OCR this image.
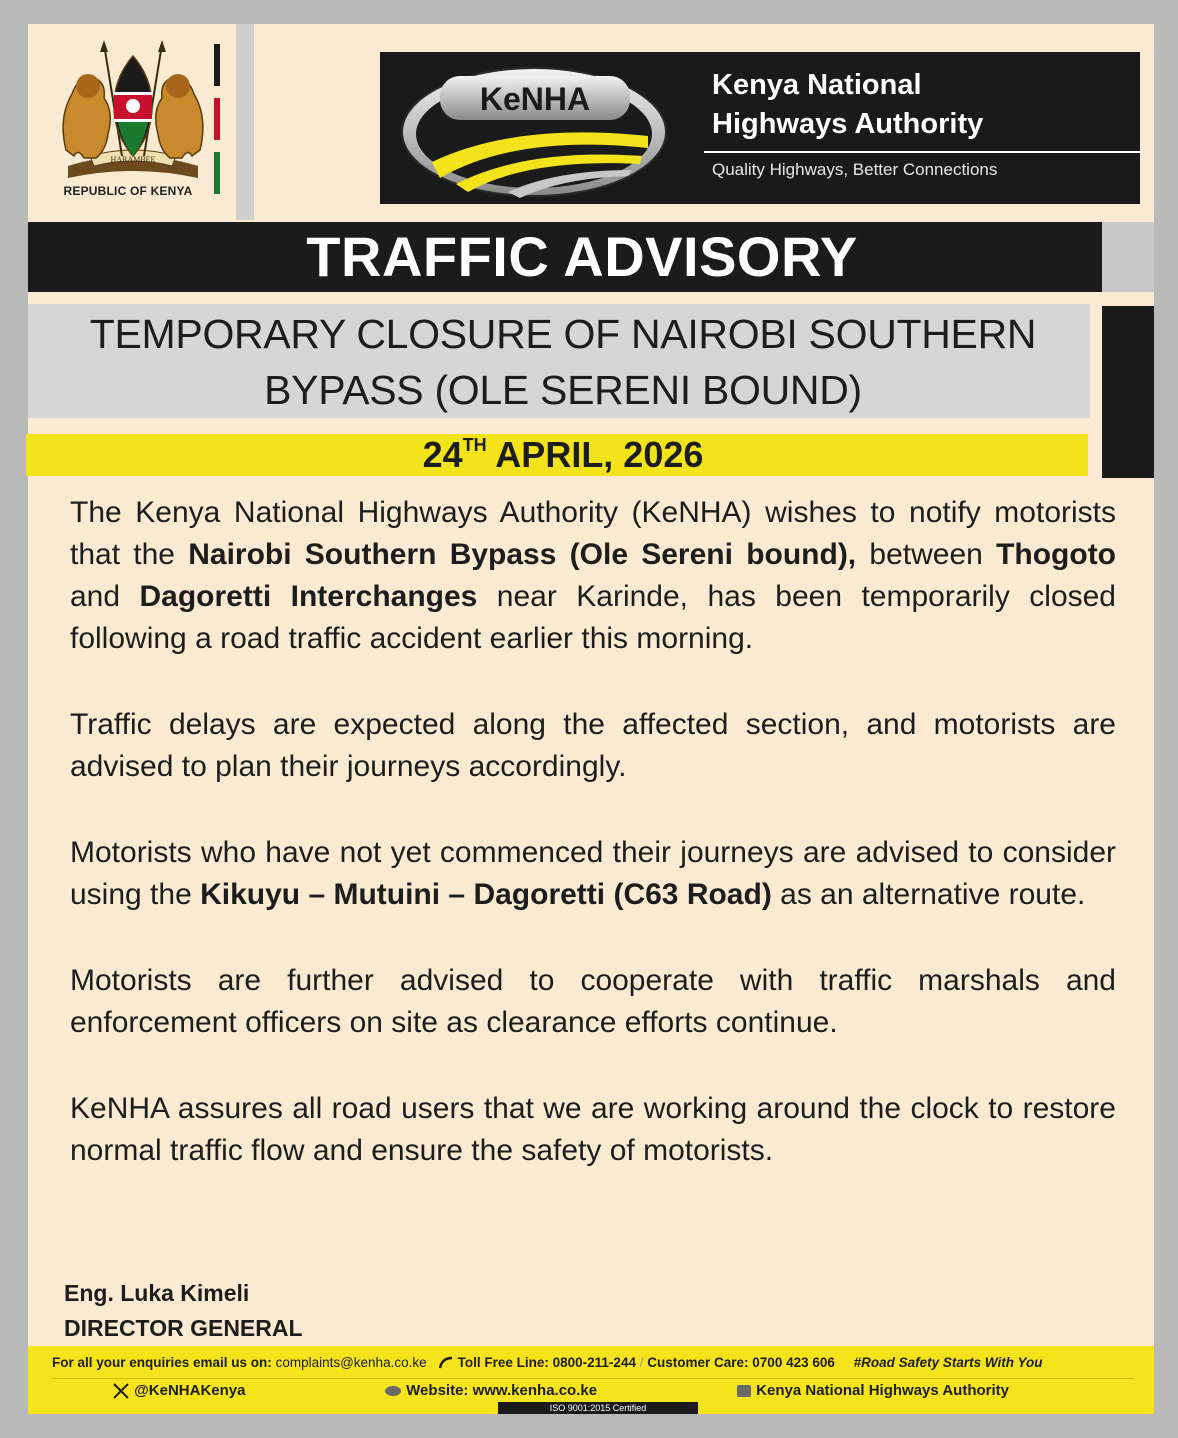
HARAMBEE
REPUBLIC OF KENYA
KeNHA	Kenya National
Highways Authority
Quality Highways, Better Connections
TRAFFIC ADVISORY
TEMPORARY CLOSURE OF NAIROBI SOUTHERN
BYPASS (OLE SERENI BOUND)
24TH APRIL, 2026

The Kenya National Highways Authority (KeNHA) wishes to notify motorists that the Nairobi Southern Bypass (Ole Sereni bound), between Thogoto and Dagoretti Interchanges near Karinde, has been temporarily closed following a road traffic accident earlier this morning.

Traffic delays are expected along the affected section, and motorists are advised to plan their journeys accordingly.

Motorists who have not yet commenced their journeys are advised to consider using the Kikuyu – Mutuini – Dagoretti (C63 Road) as an alternative route.

Motorists are further advised to cooperate with traffic marshals and enforcement officers on site as clearance efforts continue.

KeNHA assures all road users that we are working around the clock to restore normal traffic flow and ensure the safety of motorists.

Eng. Luka Kimeli
DIRECTOR GENERAL
For all your enquiries email us on: complaints@kenha.co.ke Toll Free Line: 0800-211-244 / Customer Care: 0700 423 606 #Road Safety Starts With You
@KeNHAKenya	Website: www.kenha.co.ke	Kenya National Highways Authority
ISO 9001:2015 Certified
